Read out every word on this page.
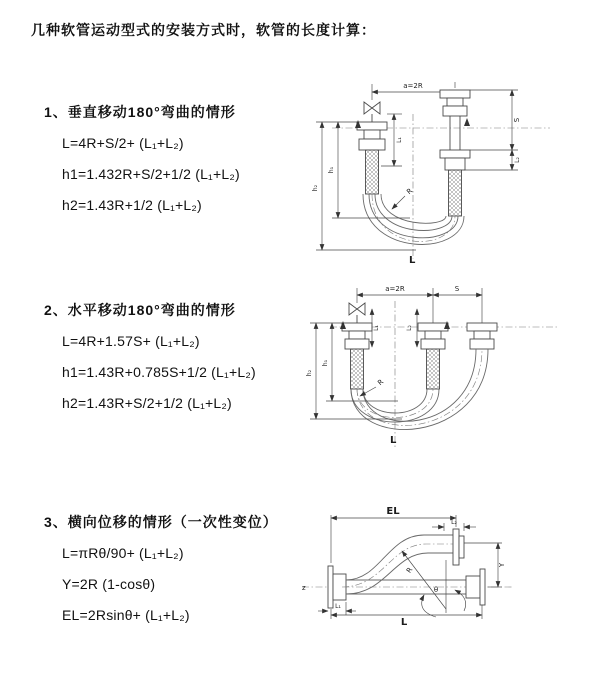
几种软管运动型式的安装方式时，软管的长度计算：
1、垂直移动180°弯曲的情形
L=4R+S/2+ (L₁+L₂)
h1=1.432R+S/2+1/2 (L₁+L₂)
h2=1.43R+1/2 (L₁+L₂)
2、水平移动180°弯曲的情形
L=4R+1.57S+ (L₁+L₂)
h1=1.43R+0.785S+1/2 (L₁+L₂)
h2=1.43R+S/2+1/2 (L₁+L₂)
3、横向位移的情形（一次性变位）
L=πRθ/90+ (L₁+L₂)
Y=2R (1-cosθ)
EL=2Rsinθ+ (L₁+L₂)
a=2R
S
L₂
L₁
h₁
h₂	R
L
a=2R	S
L₁	L₂
h₁
h₂
R
L
z
EL
L₂
Y
R
θ
L
L₁
